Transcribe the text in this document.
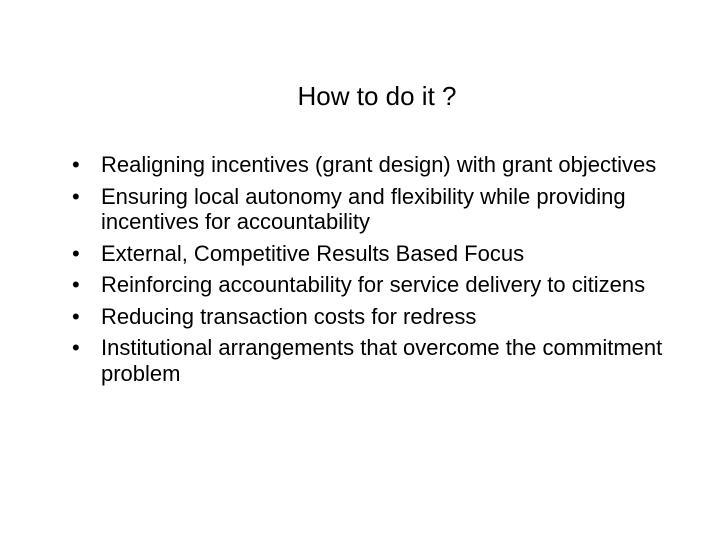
How to do it ?
• Realigning incentives (grant design) with grant objectives
• Ensuring local autonomy and flexibility while providing incentives for accountability
• External, Competitive Results Based Focus
• Reinforcing accountability for service delivery to citizens
• Reducing transaction costs for redress
• Institutional arrangements that overcome the commitment problem
